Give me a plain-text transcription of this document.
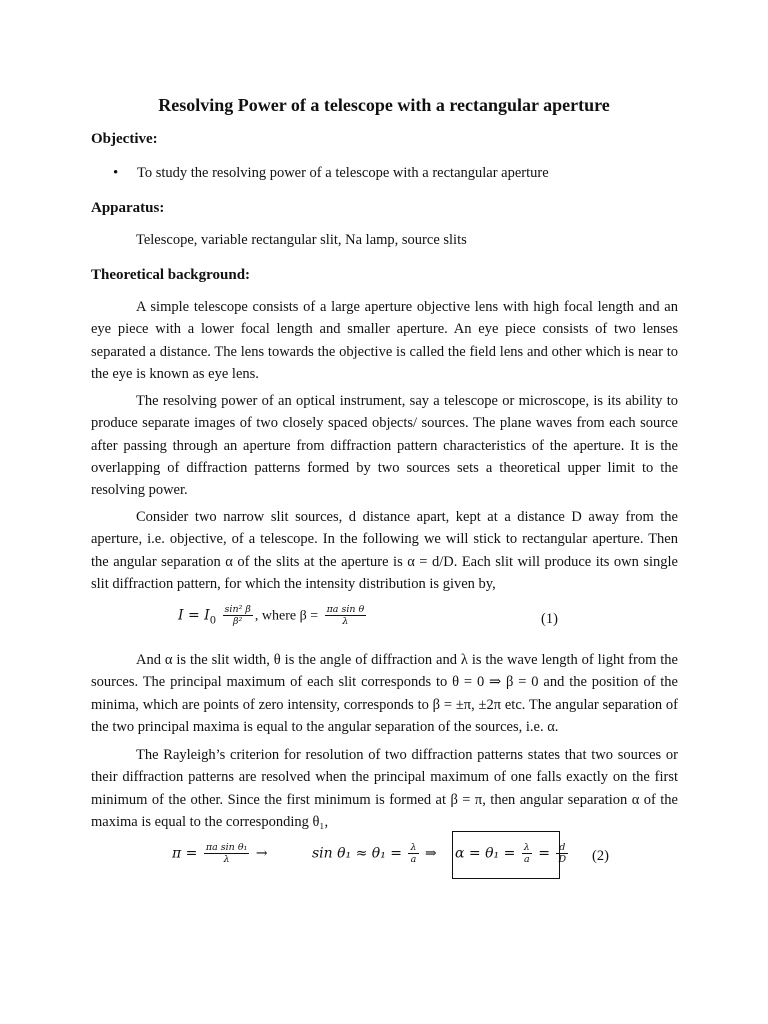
Resolving Power of a telescope with a rectangular aperture
Objective:
• To study the resolving power of a telescope with a rectangular aperture
Apparatus:
Telescope, variable rectangular slit, Na lamp, source slits
Theoretical background:
A simple telescope consists of a large aperture objective lens with high focal length and an eye piece with a lower focal length and smaller aperture. An eye piece consists of two lenses separated a distance. The lens towards the objective is called the field lens and other which is near to the eye is known as eye lens.
The resolving power of an optical instrument, say a telescope or microscope, is its ability to produce separate images of two closely spaced objects/ sources. The plane waves from each source after passing through an aperture from diffraction pattern characteristics of the aperture. It is the overlapping of diffraction patterns formed by two sources sets a theoretical upper limit to the resolving power.
Consider two narrow slit sources, d distance apart, kept at a distance D away from the aperture, i.e. objective, of a telescope. In the following we will stick to rectangular aperture. Then the angular separation α of the slits at the aperture is α = d/D. Each slit will produce its own single slit diffraction pattern, for which the intensity distribution is given by,
$I = I_0 \frac{\text{sin² β}}{\text{β²}}$ , where $\beta = \frac{\text{πa sin θ}}{\lambda}$	(1)
And α is the slit width, θ is the angle of diffraction and λ is the wave length of light from the sources. The principal maximum of each slit corresponds to θ = 0 ⇒ β = 0 and the position of the minima, which are points of zero intensity, corresponds to β = ±π, ±2π etc. The angular separation of the two principal maxima is equal to the angular separation of the sources, i.e. α.
The Rayleigh’s criterion for resolution of two diffraction patterns states that two sources or their diffraction patterns are resolved when the principal maximum of one falls exactly on the first minimum of the other. Since the first minimum is formed at β = π, then angular separation α of the maxima is equal to the corresponding θ₁,
$\pi = \frac{\text{πa sin θ₁}}{\lambda}$ →	$\sin \theta_1 \approx \theta_1 = \frac{\lambda}{a}$ ⇒ $\alpha = \theta_1 = \frac{\lambda}{a} = \frac{d}{D} (2)$
